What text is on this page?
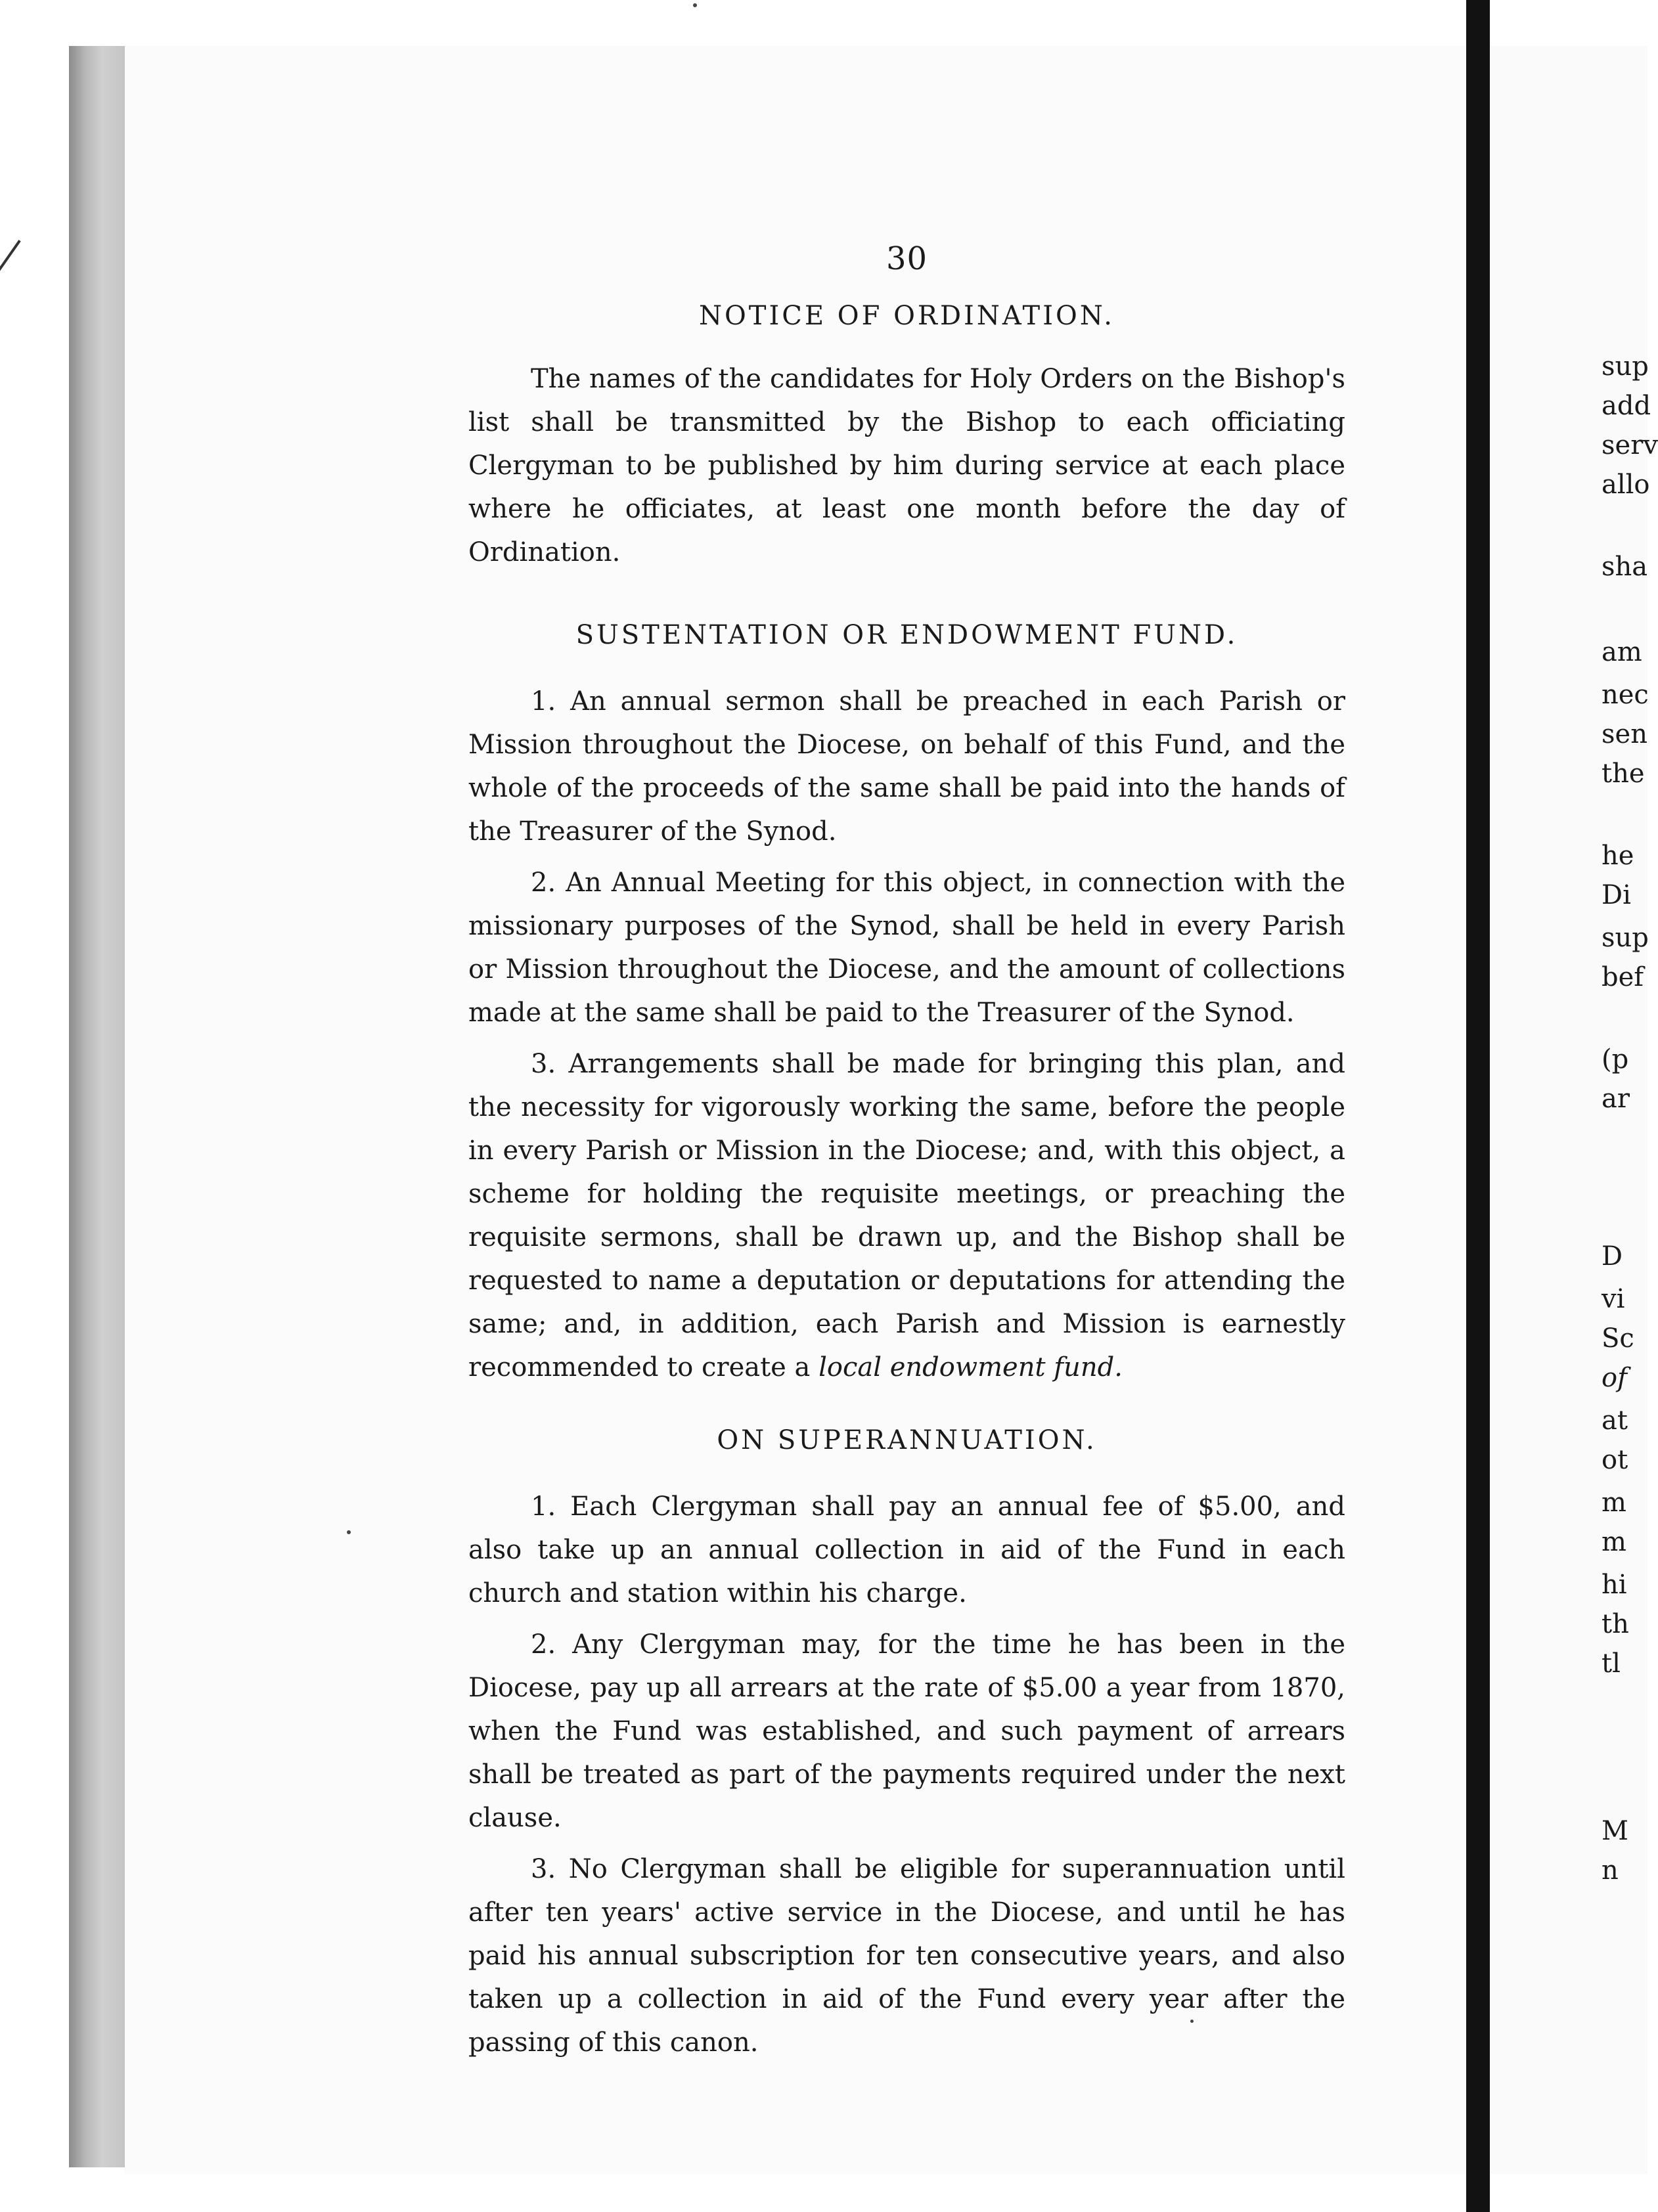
30
NOTICE OF ORDINATION.

The names of the candidates for Holy Orders on the Bishop's list shall be transmitted by the Bishop to each officiating Clergyman to be published by him during service at each place where he officiates, at least one month before the day of Ordination.

SUSTENTATION OR ENDOWMENT FUND.

1. An annual sermon shall be preached in each Parish or Mission throughout the Diocese, on behalf of this Fund, and the whole of the proceeds of the same shall be paid into the hands of the Treasurer of the Synod.

2. An Annual Meeting for this object, in connection with the missionary purposes of the Synod, shall be held in every Parish or Mission throughout the Diocese, and the amount of collections made at the same shall be paid to the Treasurer of the Synod.

3. Arrangements shall be made for bringing this plan, and the necessity for vigorously working the same, before the people in every Parish or Mission in the Diocese; and, with this object, a scheme for holding the requisite meetings, or preaching the requisite sermons, shall be drawn up, and the Bishop shall be requested to name a deputation or deputations for attending the same; and, in addition, each Parish and Mission is earnestly recommended to create a local endowment fund.

ON SUPERANNUATION.

1. Each Clergyman shall pay an annual fee of $5.00, and also take up an annual collection in aid of the Fund in each church and station within his charge.

2. Any Clergyman may, for the time he has been in the Diocese, pay up all arrears at the rate of $5.00 a year from 1870, when the Fund was established, and such payment of arrears shall be treated as part of the payments required under the next clause.

3. No Clergyman shall be eligible for superannuation until after ten years' active service in the Diocese, and until he has paid his annual subscription for ten consecutive years, and also taken up a collection in aid of the Fund every year after the passing of this canon.

sup
add
serv
allo
sha
am
nec
sen
the
he
Di
sup
bef
(p
ar
D
vi
Sc
of
at
ot
m
m
hi
th
tl
M
n
